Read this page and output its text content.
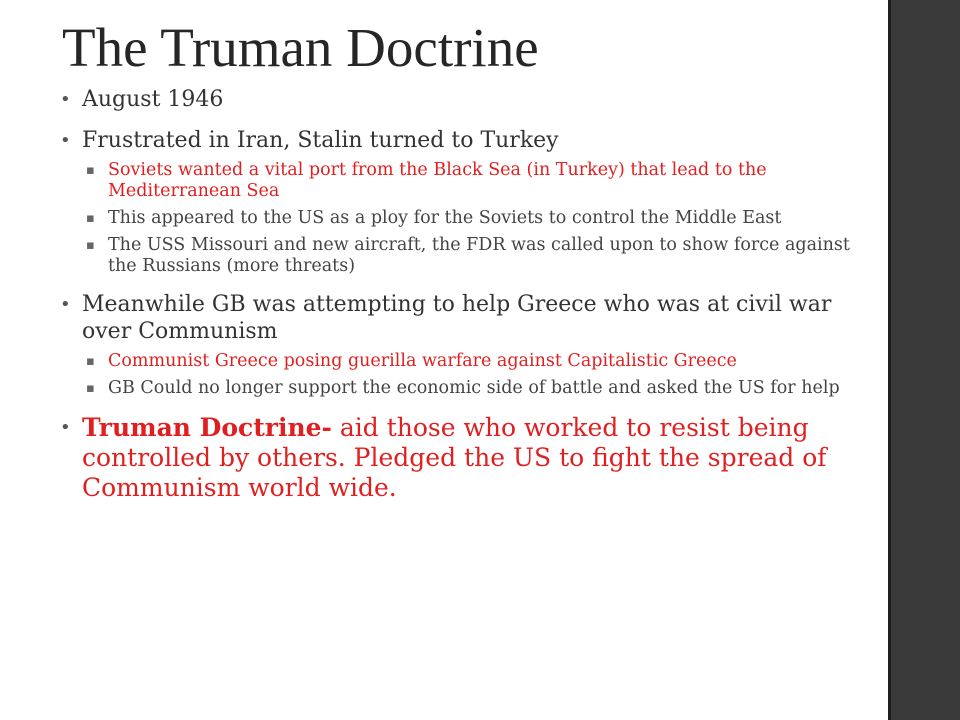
The Truman Doctrine
• August 1946
• Frustrated in Iran, Stalin turned to Turkey
▪ Soviets wanted a vital port from the Black Sea (in Turkey) that lead to the Mediterranean Sea
▪ This appeared to the US as a ploy for the Soviets to control the Middle East
▪ The USS Missouri and new aircraft, the FDR was called upon to show force against the Russians (more threats)
• Meanwhile GB was attempting to help Greece who was at civil war over Communism
▪ Communist Greece posing guerilla warfare against Capitalistic Greece
▪ GB Could no longer support the economic side of battle and asked the US for help
• Truman Doctrine- aid those who worked to resist being controlled by others. Pledged the US to fight the spread of Communism world wide.
